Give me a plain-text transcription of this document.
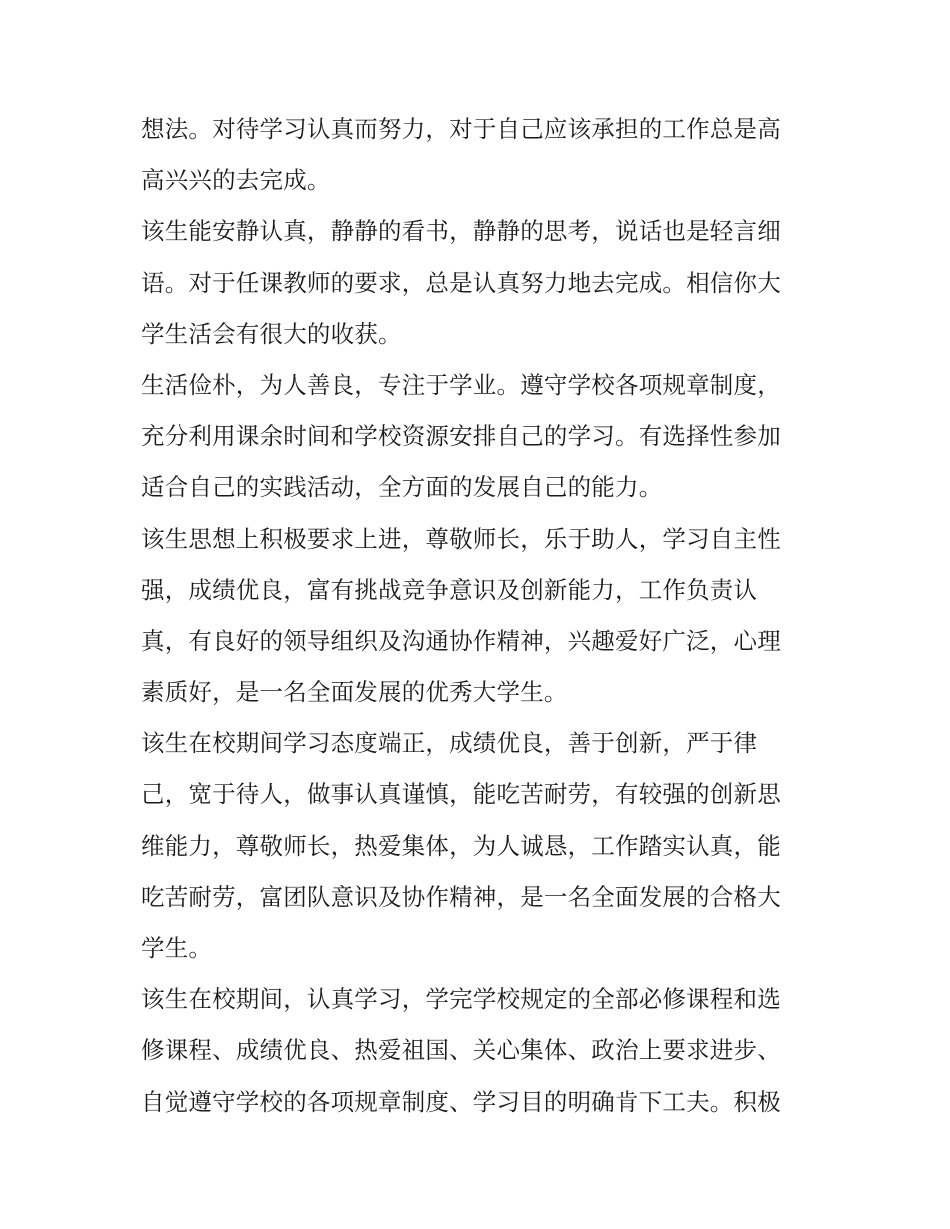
想法。对待学习认真而努力，对于自己应该承担的工作总是高
高兴兴的去完成。
该生能安静认真，静静的看书，静静的思考，说话也是轻言细
语。对于任课教师的要求，总是认真努力地去完成。相信你大
学生活会有很大的收获。
生活俭朴，为人善良，专注于学业。遵守学校各项规章制度，
充分利用课余时间和学校资源安排自己的学习。有选择性参加
适合自己的实践活动，全方面的发展自己的能力。
该生思想上积极要求上进，尊敬师长，乐于助人，学习自主性
强，成绩优良，富有挑战竞争意识及创新能力，工作负责认
真，有良好的领导组织及沟通协作精神，兴趣爱好广泛，心理
素质好，是一名全面发展的优秀大学生。
该生在校期间学习态度端正，成绩优良，善于创新，严于律
己，宽于待人，做事认真谨慎，能吃苦耐劳，有较强的创新思
维能力，尊敬师长，热爱集体，为人诚恳，工作踏实认真，能
吃苦耐劳，富团队意识及协作精神，是一名全面发展的合格大
学生。
该生在校期间，认真学习，学完学校规定的全部必修课程和选
修课程、成绩优良、热爱祖国、关心集体、政治上要求进步、
自觉遵守学校的各项规章制度、学习目的明确肯下工夫。积极
